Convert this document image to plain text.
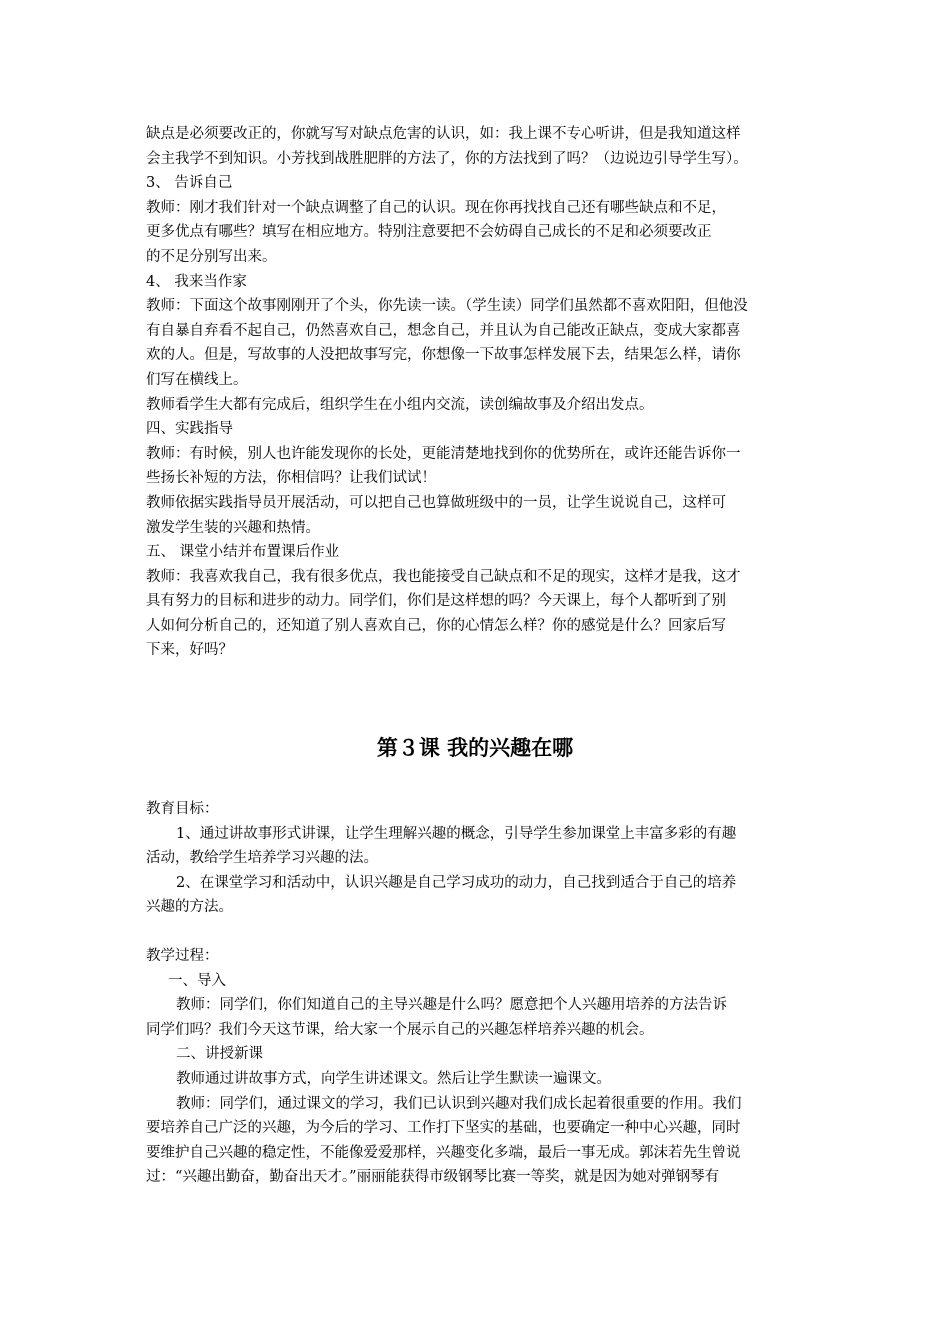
缺点是必须要改正的，你就写写对缺点危害的认识，如：我上课不专心听讲，但是我知道这样
会主我学不到知识。小芳找到战胜肥胖的方法了，你的方法找到了吗？（边说边引导学生写）。
3、 告诉自己
教师：刚才我们针对一个缺点调整了自己的认识。现在你再找找自己还有哪些缺点和不足，
更多优点有哪些？填写在相应地方。特别注意要把不会妨碍自己成长的不足和必须要改正
的不足分别写出来。
4、 我来当作家
教师：下面这个故事刚刚开了个头，你先读一读。（学生读）同学们虽然都不喜欢阳阳，但他没
有自暴自弃看不起自己，仍然喜欢自己，想念自己，并且认为自己能改正缺点，变成大家都喜
欢的人。但是，写故事的人没把故事写完，你想像一下故事怎样发展下去，结果怎么样，请你
们写在横线上。
教师看学生大都有完成后，组织学生在小组内交流，读创编故事及介绍出发点。
四、实践指导
教师：有时候，别人也许能发现你的长处，更能清楚地找到你的优势所在，或许还能告诉你一
些扬长补短的方法，你相信吗？让我们试试！
教师依据实践指导员开展活动，可以把自己也算做班级中的一员，让学生说说自己，这样可
激发学生装的兴趣和热情。
五、 课堂小结并布置课后作业
教师：我喜欢我自己，我有很多优点，我也能接受自己缺点和不足的现实，这样才是我，这才
具有努力的目标和进步的动力。同学们，你们是这样想的吗？今天课上，每个人都听到了别
人如何分析自己的，还知道了别人喜欢自己，你的心情怎么样？你的感觉是什么？回家后写
下来，好吗？
第３课 我的兴趣在哪
教育目标：
1、通过讲故事形式讲课，让学生理解兴趣的概念，引导学生参加课堂上丰富多彩的有趣
活动，教给学生培养学习兴趣的法。
2、在课堂学习和活动中，认识兴趣是自己学习成功的动力，自己找到适合于自己的培养
兴趣的方法。
教学过程：
一、导入
教师：同学们，你们知道自己的主导兴趣是什么吗？愿意把个人兴趣用培养的方法告诉
同学们吗？我们今天这节课，给大家一个展示自己的兴趣怎样培养兴趣的机会。
二、讲授新课
教师通过讲故事方式，向学生讲述课文。然后让学生默读一遍课文。
教师：同学们，通过课文的学习，我们已认识到兴趣对我们成长起着很重要的作用。我们
要培养自己广泛的兴趣，为今后的学习、工作打下坚实的基础，也要确定一种中心兴趣，同时
要维护自己兴趣的稳定性，不能像爱爱那样，兴趣变化多端，最后一事无成。郭沫若先生曾说
过：“兴趣出勤奋，勤奋出天才。”丽丽能获得市级钢琴比赛一等奖，就是因为她对弹钢琴有
